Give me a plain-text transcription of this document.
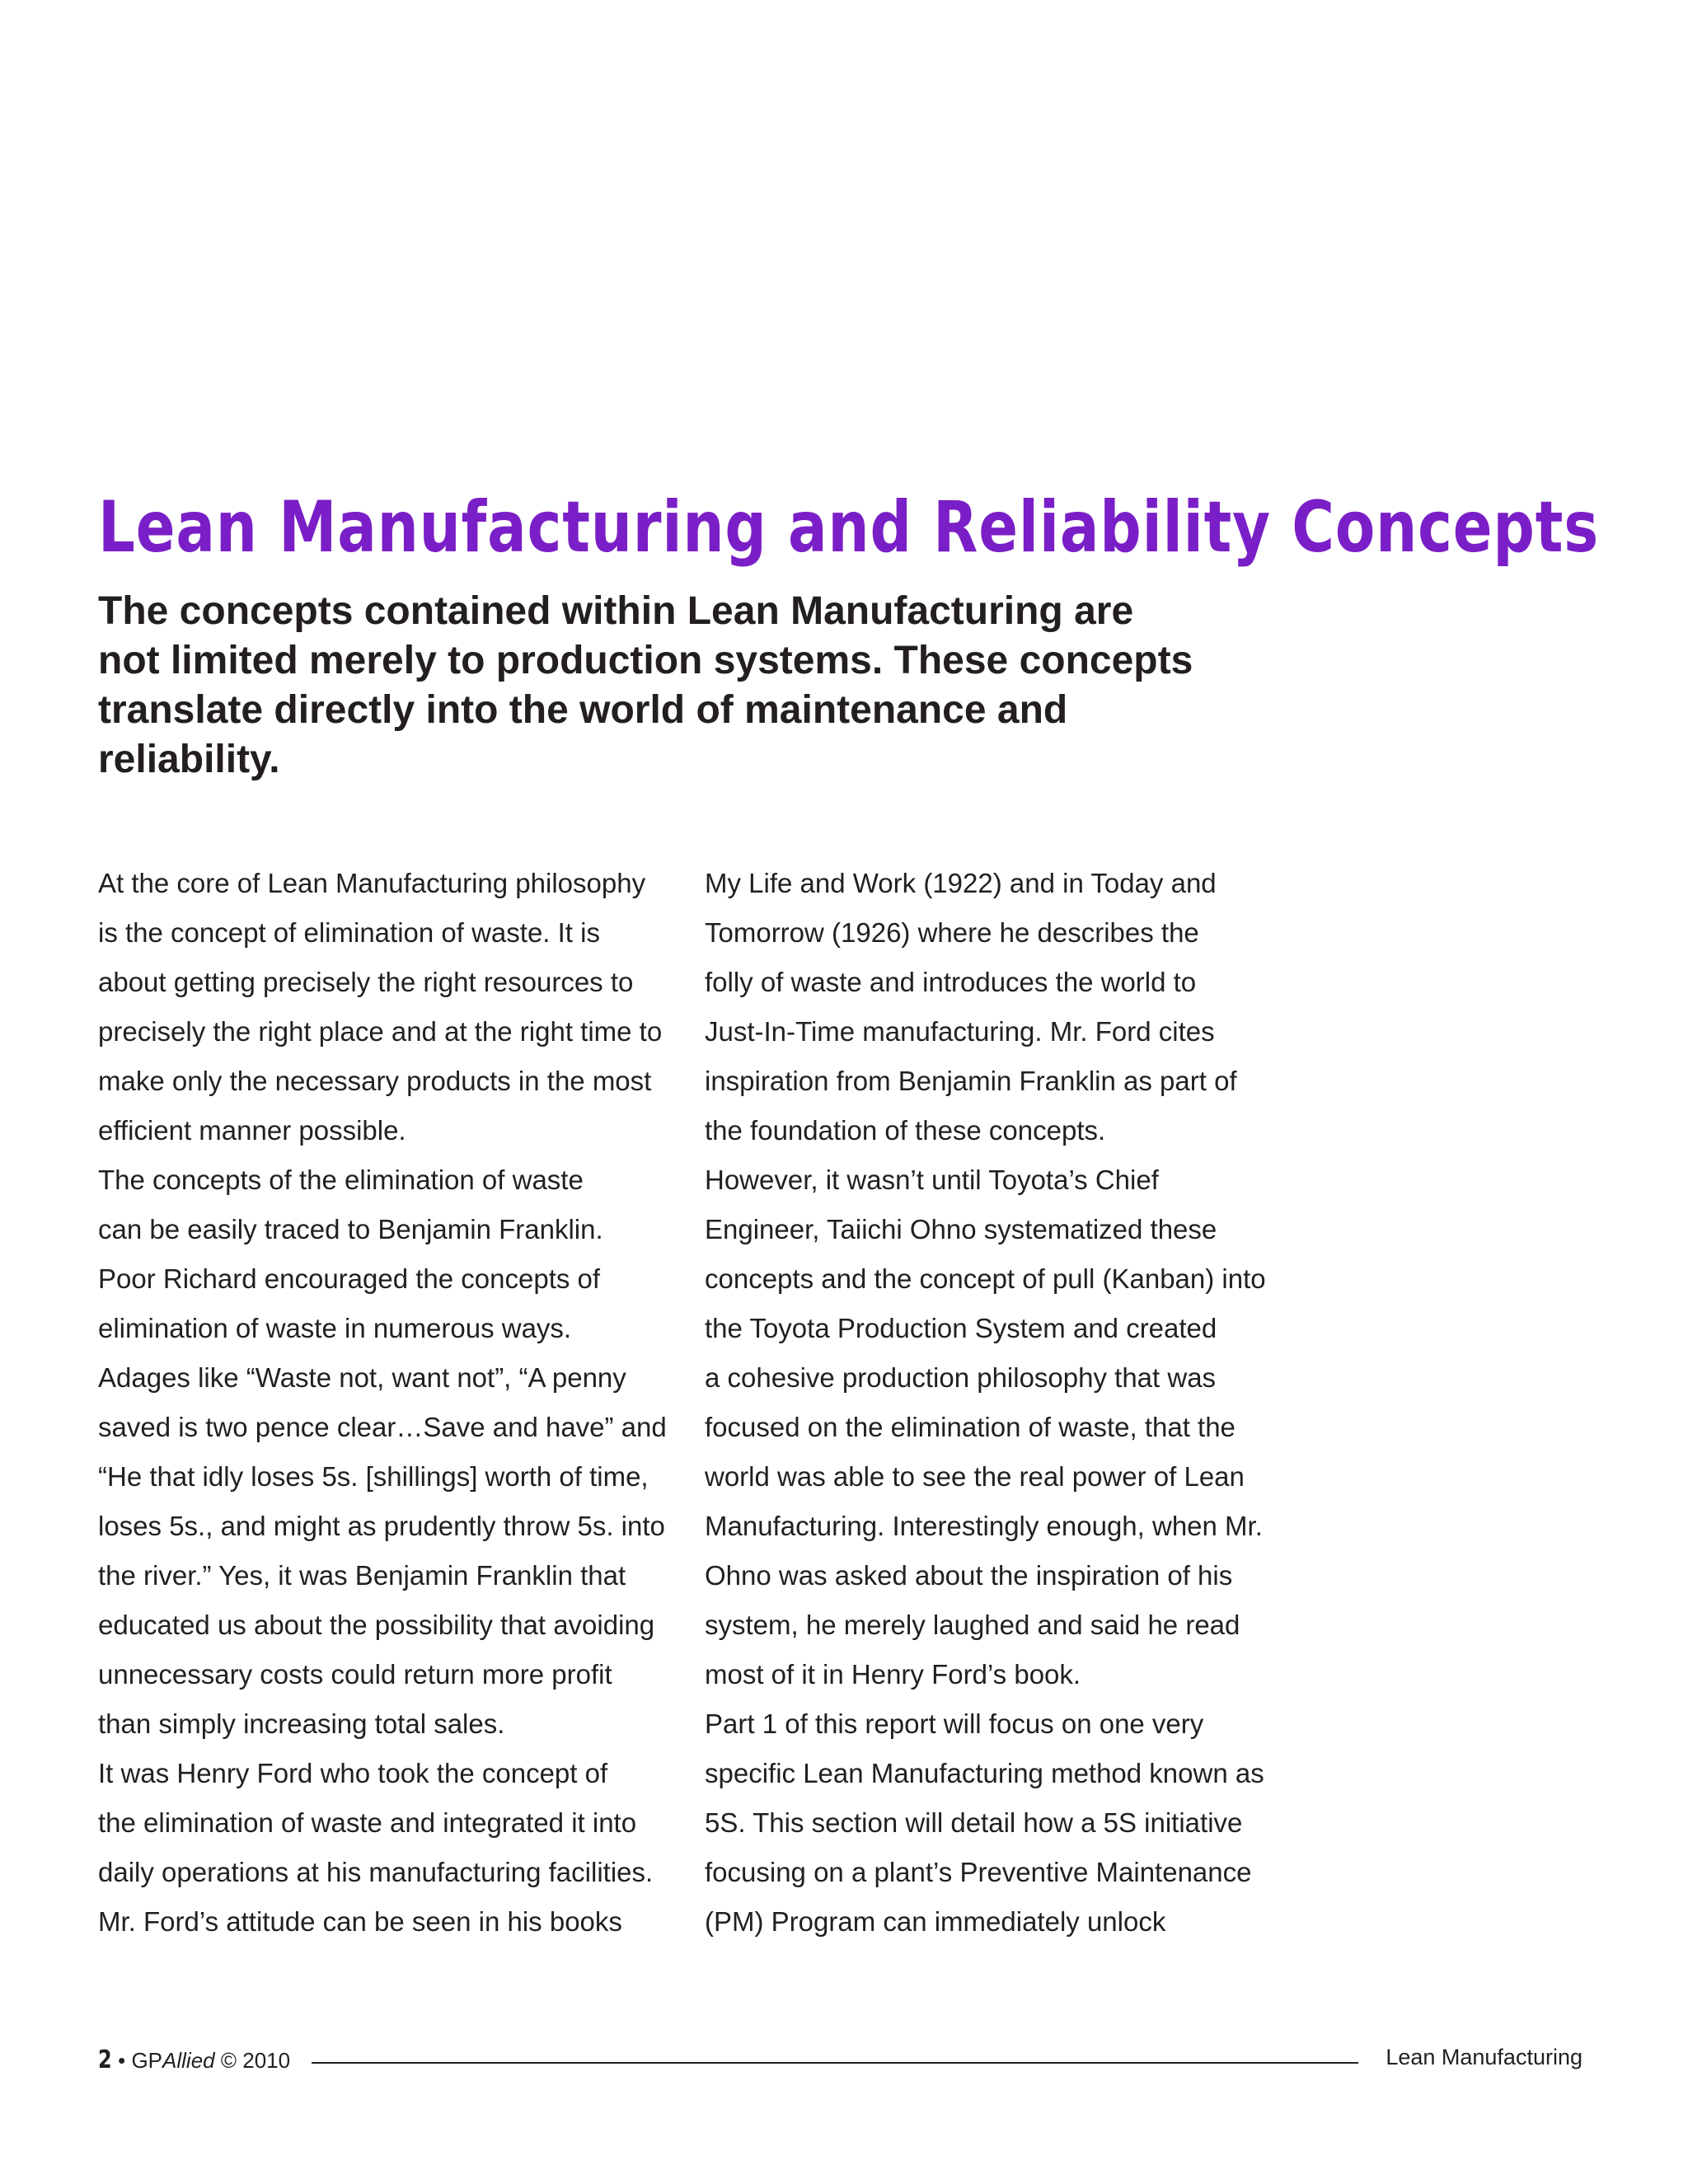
Lean Manufacturing and Reliability Concepts
The concepts contained within Lean Manufacturing are
not limited merely to production systems. These concepts
translate directly into the world of maintenance and
reliability.
At the core of Lean Manufacturing philosophy
is the concept of elimination of waste. It is
about getting precisely the right resources to
precisely the right place and at the right time to
make only the necessary products in the most
efficient manner possible.
The concepts of the elimination of waste
can be easily traced to Benjamin Franklin.
Poor Richard encouraged the concepts of
elimination of waste in numerous ways.
Adages like “Waste not, want not”, “A penny
saved is two pence clear…Save and have” and
“He that idly loses 5s. [shillings] worth of time,
loses 5s., and might as prudently throw 5s. into
the river.” Yes, it was Benjamin Franklin that
educated us about the possibility that avoiding
unnecessary costs could return more profit
than simply increasing total sales.
It was Henry Ford who took the concept of
the elimination of waste and integrated it into
daily operations at his manufacturing facilities.
Mr. Ford’s attitude can be seen in his books
My Life and Work (1922) and in Today and
Tomorrow (1926) where he describes the
folly of waste and introduces the world to
Just-In-Time manufacturing. Mr. Ford cites
inspiration from Benjamin Franklin as part of
the foundation of these concepts.
However, it wasn’t until Toyota’s Chief
Engineer, Taiichi Ohno systematized these
concepts and the concept of pull (Kanban) into
the Toyota Production System and created
a cohesive production philosophy that was
focused on the elimination of waste, that the
world was able to see the real power of Lean
Manufacturing. Interestingly enough, when Mr.
Ohno was asked about the inspiration of his
system, he merely laughed and said he read
most of it in Henry Ford’s book.
Part 1 of this report will focus on one very
specific Lean Manufacturing method known as
5S. This section will detail how a 5S initiative
focusing on a plant’s Preventive Maintenance
(PM) Program can immediately unlock
2 • GPAllied © 2010	Lean Manufacturing
